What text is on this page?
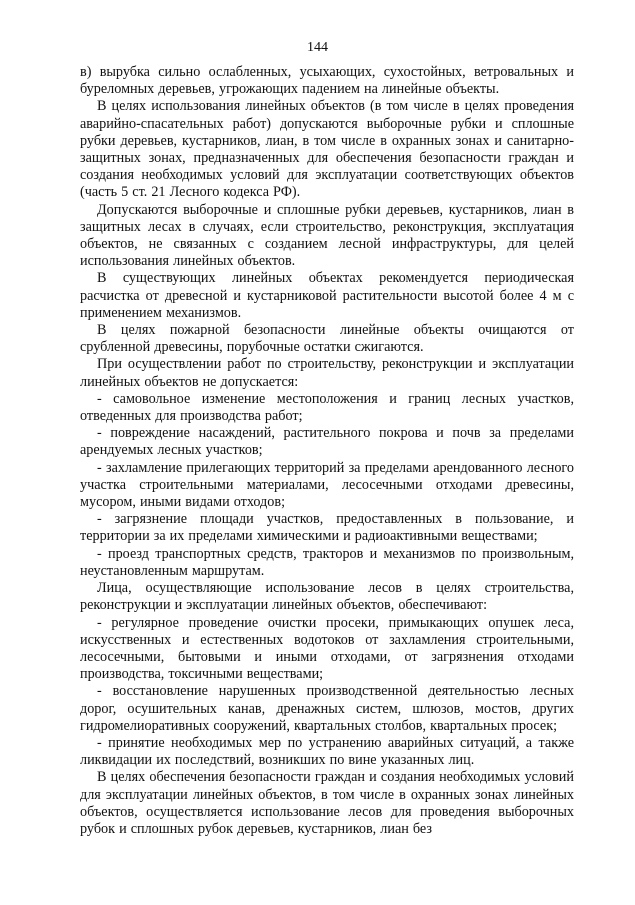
144

в) вырубка сильно ослабленных, усыхающих, сухостойных, ветровальных и буреломных деревьев, угрожающих падением на линейные объекты.

В целях использования линейных объектов (в том числе в целях проведения аварийно-спасательных работ) допускаются выборочные рубки и сплошные рубки деревьев, кустарников, лиан, в том числе в охранных зонах и санитарно-защитных зонах, предназначенных для обеспечения безопасности граждан и создания необходимых условий для эксплуатации соответствующих объектов (часть 5 ст. 21 Лесного кодекса РФ).

Допускаются выборочные и сплошные рубки деревьев, кустарников, лиан в защитных лесах в случаях, если строительство, реконструкция, эксплуатация объектов, не связанных с созданием лесной инфраструктуры, для целей использования линейных объектов.

В существующих линейных объектах рекомендуется периодическая расчистка от древесной и кустарниковой растительности высотой более 4 м с применением механизмов.

В целях пожарной безопасности линейные объекты очищаются от срубленной древесины, порубочные остатки сжигаются.

При осуществлении работ по строительству, реконструкции и эксплуатации линейных объектов не допускается:

- самовольное изменение местоположения и границ лесных участков, отведенных для производства работ;

- повреждение насаждений, растительного покрова и почв за пределами арендуемых лесных участков;

- захламление прилегающих территорий за пределами арендованного лесного участка строительными материалами, лесосечными отходами древесины, мусором, иными видами отходов;

- загрязнение площади участков, предоставленных в пользование, и территории за их пределами химическими и радиоактивными веществами;

- проезд транспортных средств, тракторов и механизмов по произвольным, неустановленным маршрутам.

Лица, осуществляющие использование лесов в целях строительства, реконструкции и эксплуатации линейных объектов, обеспечивают:

- регулярное проведение очистки просеки, примыкающих опушек леса, искусственных и естественных водотоков от захламления строительными, лесосечными, бытовыми и иными отходами, от загрязнения отходами производства, токсичными веществами;

- восстановление нарушенных производственной деятельностью лесных дорог, осушительных канав, дренажных систем, шлюзов, мостов, других гидромелиоративных сооружений, квартальных столбов, квартальных просек;

- принятие необходимых мер по устранению аварийных ситуаций, а также ликвидации их последствий, возникших по вине указанных лиц.

В целях обеспечения безопасности граждан и создания необходимых условий для эксплуатации линейных объектов, в том числе в охранных зонах линейных объектов, осуществляется использование лесов для проведения выборочных рубок и сплошных рубок деревьев, кустарников, лиан без
